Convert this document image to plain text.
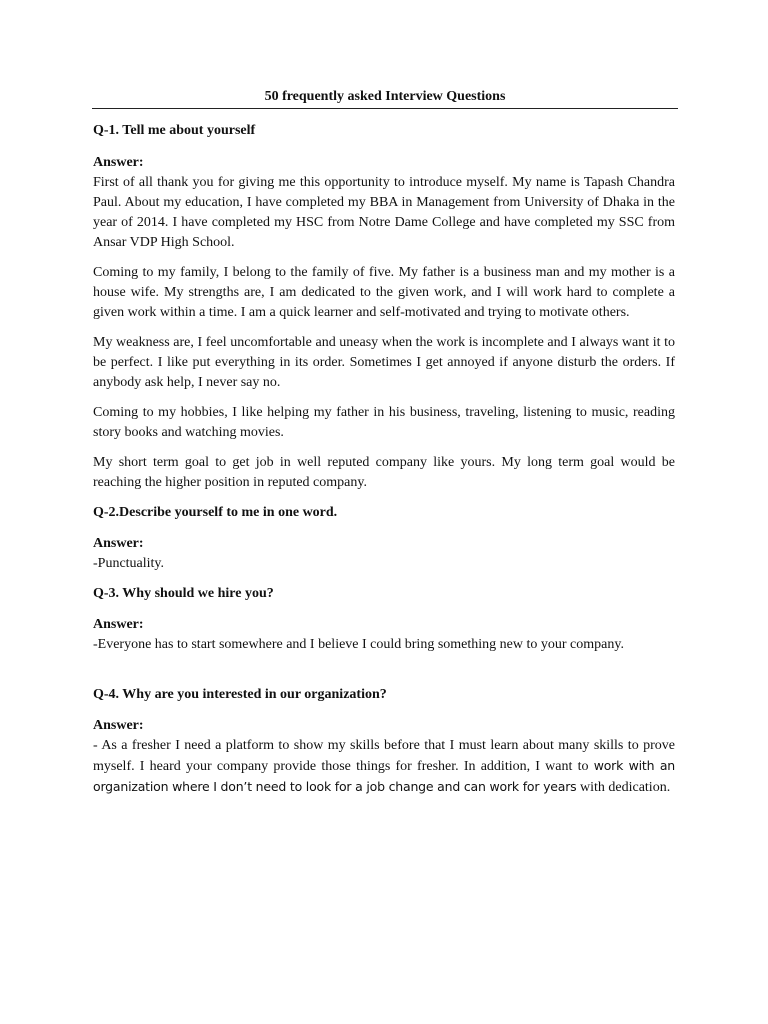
50 frequently asked Interview Questions

Q-1. Tell me about yourself

Answer:

First of all thank you for giving me this opportunity to introduce myself. My name is Tapash Chandra Paul. About my education, I have completed my BBA in Management from University of Dhaka in the year of 2014. I have completed my HSC from Notre Dame College and have completed my SSC from Ansar VDP High School.

Coming to my family, I belong to the family of five. My father is a business man and my mother is a house wife. My strengths are, I am dedicated to the given work, and I will work hard to complete a given work within a time. I am a quick learner and self-motivated and trying to motivate others.

My weakness are, I feel uncomfortable and uneasy when the work is incomplete and I always want it to be perfect. I like put everything in its order. Sometimes I get annoyed if anyone disturb the orders. If anybody ask help, I never say no.

Coming to my hobbies, I like helping my father in his business, traveling, listening to music, reading story books and watching movies.

My short term goal to get job in well reputed company like yours. My long term goal would be reaching the higher position in reputed company.

Q-2.Describe yourself to me in one word.

Answer:

-Punctuality.

Q-3. Why should we hire you?

Answer:

-Everyone has to start somewhere and I believe I could bring something new to your company.

Q-4. Why are you interested in our organization?

Answer:

- As a fresher I need a platform to show my skills before that I must learn about many skills to prove myself. I heard your company provide those things for fresher. In addition, I want to work with an organization where I don’t need to look for a job change and can work for years with dedication.
